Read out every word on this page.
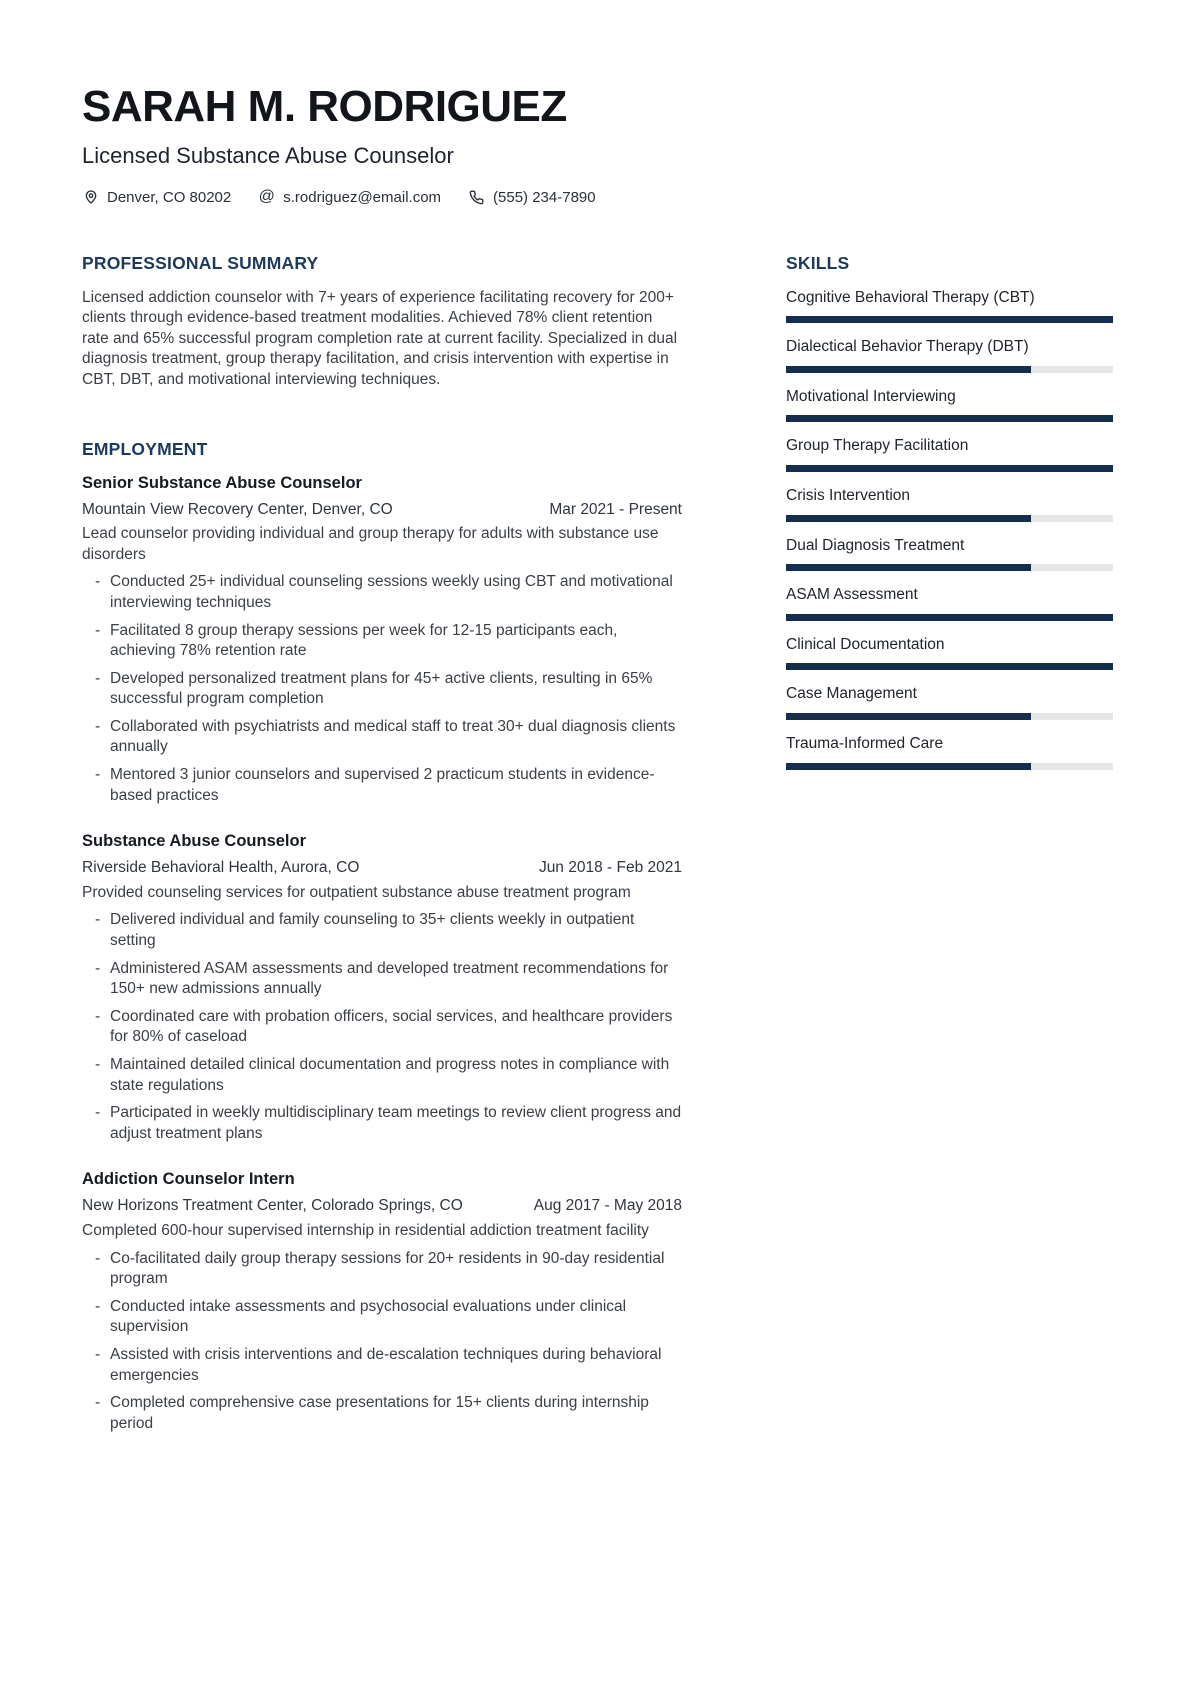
SARAH M. RODRIGUEZ
Licensed Substance Abuse Counselor
Denver, CO 80202 @ s.rodriguez@email.com	(555) 234-7890
PROFESSIONAL SUMMARY

Licensed addiction counselor with 7+ years of experience facilitating recovery for 200+ clients through evidence-based treatment modalities. Achieved 78% client retention rate and 65% successful program completion rate at current facility. Specialized in dual diagnosis treatment, group therapy facilitation, and crisis intervention with expertise in CBT, DBT, and motivational interviewing techniques.

EMPLOYMENT
Senior Substance Abuse Counselor
Mountain View Recovery Center, Denver, CO	Mar 2021 - Present

Lead counselor providing individual and group therapy for adults with substance use disorders

- Conducted 25+ individual counseling sessions weekly using CBT and motivational interviewing techniques
- Facilitated 8 group therapy sessions per week for 12-15 participants each, achieving 78% retention rate
- Developed personalized treatment plans for 45+ active clients, resulting in 65% successful program completion
- Collaborated with psychiatrists and medical staff to treat 30+ dual diagnosis clients annually
- Mentored 3 junior counselors and supervised 2 practicum students in evidence-based practices
Substance Abuse Counselor
Riverside Behavioral Health, Aurora, CO	Jun 2018 - Feb 2021

Provided counseling services for outpatient substance abuse treatment program

- Delivered individual and family counseling to 35+ clients weekly in outpatient setting
- Administered ASAM assessments and developed treatment recommendations for 150+ new admissions annually
- Coordinated care with probation officers, social services, and healthcare providers for 80% of caseload
- Maintained detailed clinical documentation and progress notes in compliance with state regulations
- Participated in weekly multidisciplinary team meetings to review client progress and adjust treatment plans
Addiction Counselor Intern
New Horizons Treatment Center, Colorado Springs, CO	Aug 2017 - May 2018

Completed 600-hour supervised internship in residential addiction treatment facility

- Co-facilitated daily group therapy sessions for 20+ residents in 90-day residential program
- Conducted intake assessments and psychosocial evaluations under clinical supervision
- Assisted with crisis interventions and de-escalation techniques during behavioral emergencies
- Completed comprehensive case presentations for 15+ clients during internship period
SKILLS
Cognitive Behavioral Therapy (CBT)
Dialectical Behavior Therapy (DBT)
Motivational Interviewing
Group Therapy Facilitation
Crisis Intervention
Dual Diagnosis Treatment
ASAM Assessment
Clinical Documentation
Case Management
Trauma-Informed Care
